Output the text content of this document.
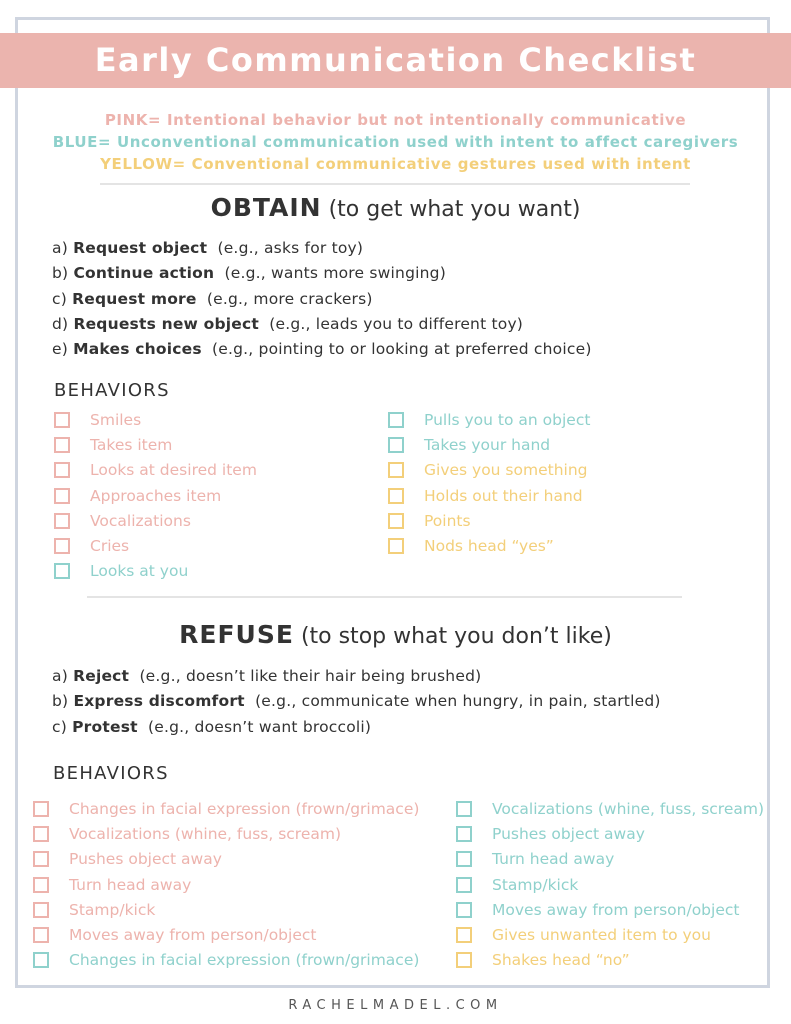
Early Communication Checklist
PINK= Intentional behavior but not intentionally communicative
BLUE= Unconventional communication used with intent to affect caregivers
YELLOW= Conventional communicative gestures used with intent
OBTAIN (to get what you want)
a) Request object (e.g., asks for toy)
b) Continue action (e.g., wants more swinging)
c) Request more (e.g., more crackers)
d) Requests new object (e.g., leads you to different toy)
e) Makes choices (e.g., pointing to or looking at preferred choice)
BEHAVIORS
Smiles
Takes item
Looks at desired item
Approaches item
Vocalizations
Cries
Looks at you
Pulls you to an object
Takes your hand
Gives you something
Holds out their hand
Points
Nods head “yes”
REFUSE (to stop what you don’t like)
a) Reject (e.g., doesn’t like their hair being brushed)
b) Express discomfort (e.g., communicate when hungry, in pain, startled)
c) Protest (e.g., doesn’t want broccoli)
BEHAVIORS
Changes in facial expression (frown/grimace)
Vocalizations (whine, fuss, scream)
Pushes object away
Turn head away
Stamp/kick
Moves away from person/object
Changes in facial expression (frown/grimace)
Vocalizations (whine, fuss, scream)
Pushes object away
Turn head away
Stamp/kick
Moves away from person/object
Gives unwanted item to you
Shakes head “no”
RACHELMADEL.COM
